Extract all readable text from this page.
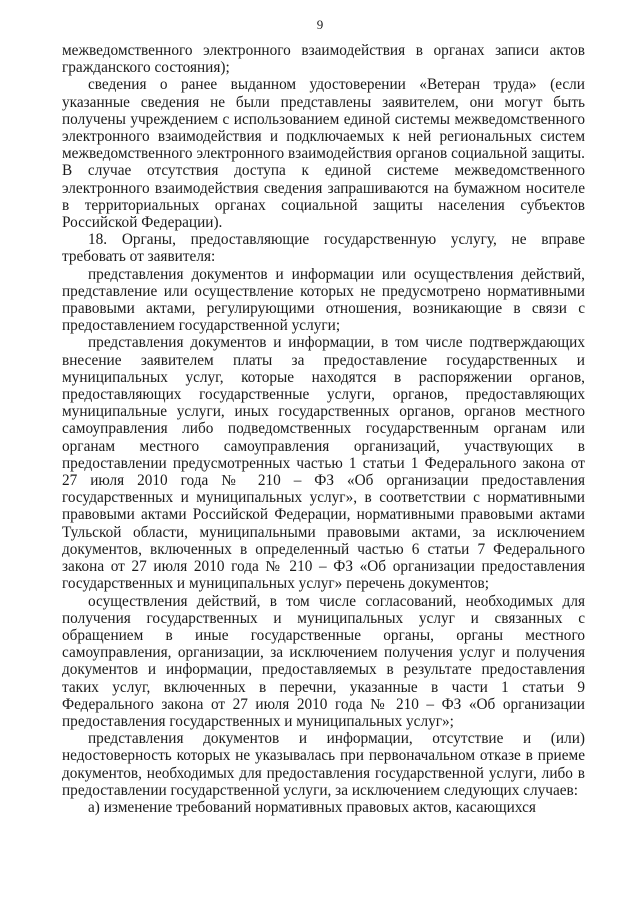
9

межведомственного электронного взаимодействия в органах записи актов гражданского состояния);

сведения о ранее выданном удостоверении «Ветеран труда» (если указанные сведения не были представлены заявителем, они могут быть получены учреждением с использованием единой системы межведомственного электронного взаимодействия и подключаемых к ней региональных систем межведомственного электронного взаимодействия органов социальной защиты. В случае отсутствия доступа к единой системе межведомственного электронного взаимодействия сведения запрашиваются на бумажном носителе в территориальных органах социальной защиты населения субъектов Российской Федерации).

18. Органы, предоставляющие государственную услугу, не вправе требовать от заявителя:

представления документов и информации или осуществления действий, представление или осуществление которых не предусмотрено нормативными правовыми актами, регулирующими отношения, возникающие в связи с предоставлением государственной услуги;

представления документов и информации, в том числе подтверждающих внесение заявителем платы за предоставление государственных и муниципальных услуг, которые находятся в распоряжении органов, предоставляющих государственные услуги, органов, предоставляющих муниципальные услуги, иных государственных органов, органов местного самоуправления либо подведомственных государственным органам или органам местного самоуправления организаций, участвующих в предоставлении предусмотренных частью 1 статьи 1 Федерального закона от 27 июля 2010 года № 210 – ФЗ «Об организации предоставления государственных и муниципальных услуг», в соответствии с нормативными правовыми актами Российской Федерации, нормативными правовыми актами Тульской области, муниципальными правовыми актами, за исключением документов, включенных в определенный частью 6 статьи 7 Федерального закона от 27 июля 2010 года № 210 – ФЗ «Об организации предоставления государственных и муниципальных услуг» перечень документов;

осуществления действий, в том числе согласований, необходимых для получения государственных и муниципальных услуг и связанных с обращением в иные государственные органы, органы местного самоуправления, организации, за исключением получения услуг и получения документов и информации, предоставляемых в результате предоставления таких услуг, включенных в перечни, указанные в части 1 статьи 9 Федерального закона от 27 июля 2010 года № 210 – ФЗ «Об организации предоставления государственных и муниципальных услуг»;

представления документов и информации, отсутствие и (или) недостоверность которых не указывалась при первоначальном отказе в приеме документов, необходимых для предоставления государственной услуги, либо в предоставлении государственной услуги, за исключением следующих случаев:

а) изменение требований нормативных правовых актов, касающихся
